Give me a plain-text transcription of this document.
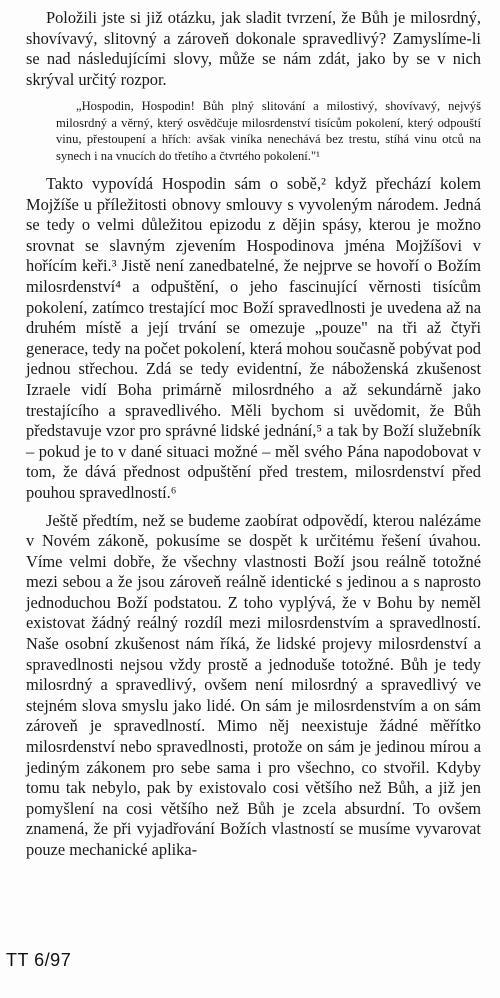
Položili jste si již otázku, jak sladit tvrzení, že Bůh je milosrdný, shovívavý, slitovný a zároveň dokonale spravedlivý? Zamyslíme-li se nad následujícími slovy, může se nám zdát, jako by se v nich skrýval určitý rozpor.

„Hospodin, Hospodin! Bůh plný slitování a milostivý, shovívavý, nejvýš milosrdný a věrný, který osvědčuje milosrdenství tisícům pokolení, který odpouští vinu, přestoupení a hříchː avšak viníka nenechává bez trestu, stíhá vinu otců na synech i na vnucích do třetího a čtvrtého pokolení."¹

Takto vypovídá Hospodin sám o sobě,² když přechází kolem Mojžíše u příležitosti obnovy smlouvy s vyvoleným národem. Jedná se tedy o velmi důležitou epizodu z dějin spásy, kterou je možno srovnat se slavným zjevením Hospodinova jména Mojžíšovi v hořícím keři.³ Jistě není zanedbatelné, že nejprve se hovoří o Božím milosrdenství⁴ a odpuštění, o jeho fascinující věrnosti tisícům pokolení, zatímco trestající moc Boží spravedlnosti je uvedena až na druhém místě a její trvání se omezuje „pouze" na tři až čtyři generace, tedy na počet pokolení, která mohou současně pobývat pod jednou střechou. Zdá se tedy evidentní, že náboženská zkušenost Izraele vidí Boha primárně milosrdného a až sekundárně jako trestajícího a spravedlivého. Měli bychom si uvědomit, že Bůh představuje vzor pro správné lidské jednání,⁵ a tak by Boží služebník – pokud je to v dané situaci možné – měl svého Pána napodobovat v tom, že dává přednost odpuštění před trestem, milosrdenství před pouhou spravedlností.⁶

Ještě předtím, než se budeme zaobírat odpovědí, kterou nalézáme v Novém zákoně, pokusíme se dospět k určitému řešení úvahou. Víme velmi dobře, že všechny vlastnosti Boží jsou reálně totožné mezi sebou a že jsou zároveň reálně identické s jedinou a s naprosto jednoduchou Boží podstatou. Z toho vyplývá, že v Bohu by neměl existovat žádný reálný rozdíl mezi milosrdenstvím a spravedlností. Naše osobní zkušenost nám říká, že lidské projevy milosrdenství a spravedlnosti nejsou vždy prostě a jednoduše totožné. Bůh je tedy milosrdný a spravedlivý, ovšem není milosrdný a spravedlivý ve stejném slova smyslu jako lidé. On sám je milosrdenstvím a on sám zároveň je spravedlností. Mimo něj neexistuje žádné měřítko milosrdenství nebo spravedlnosti, protože on sám je jedinou mírou a jediným zákonem pro sebe sama i pro všechno, co stvořil. Kdyby tomu tak nebylo, pak by existovalo cosi většího než Bůh, a již jen pomyšlení na cosi většího než Bůh je zcela absurdní. To ovšem znamená, že při vyjadřování Božích vlastností se musíme vyvarovat pouze mechanické aplika-

TT 6/97
